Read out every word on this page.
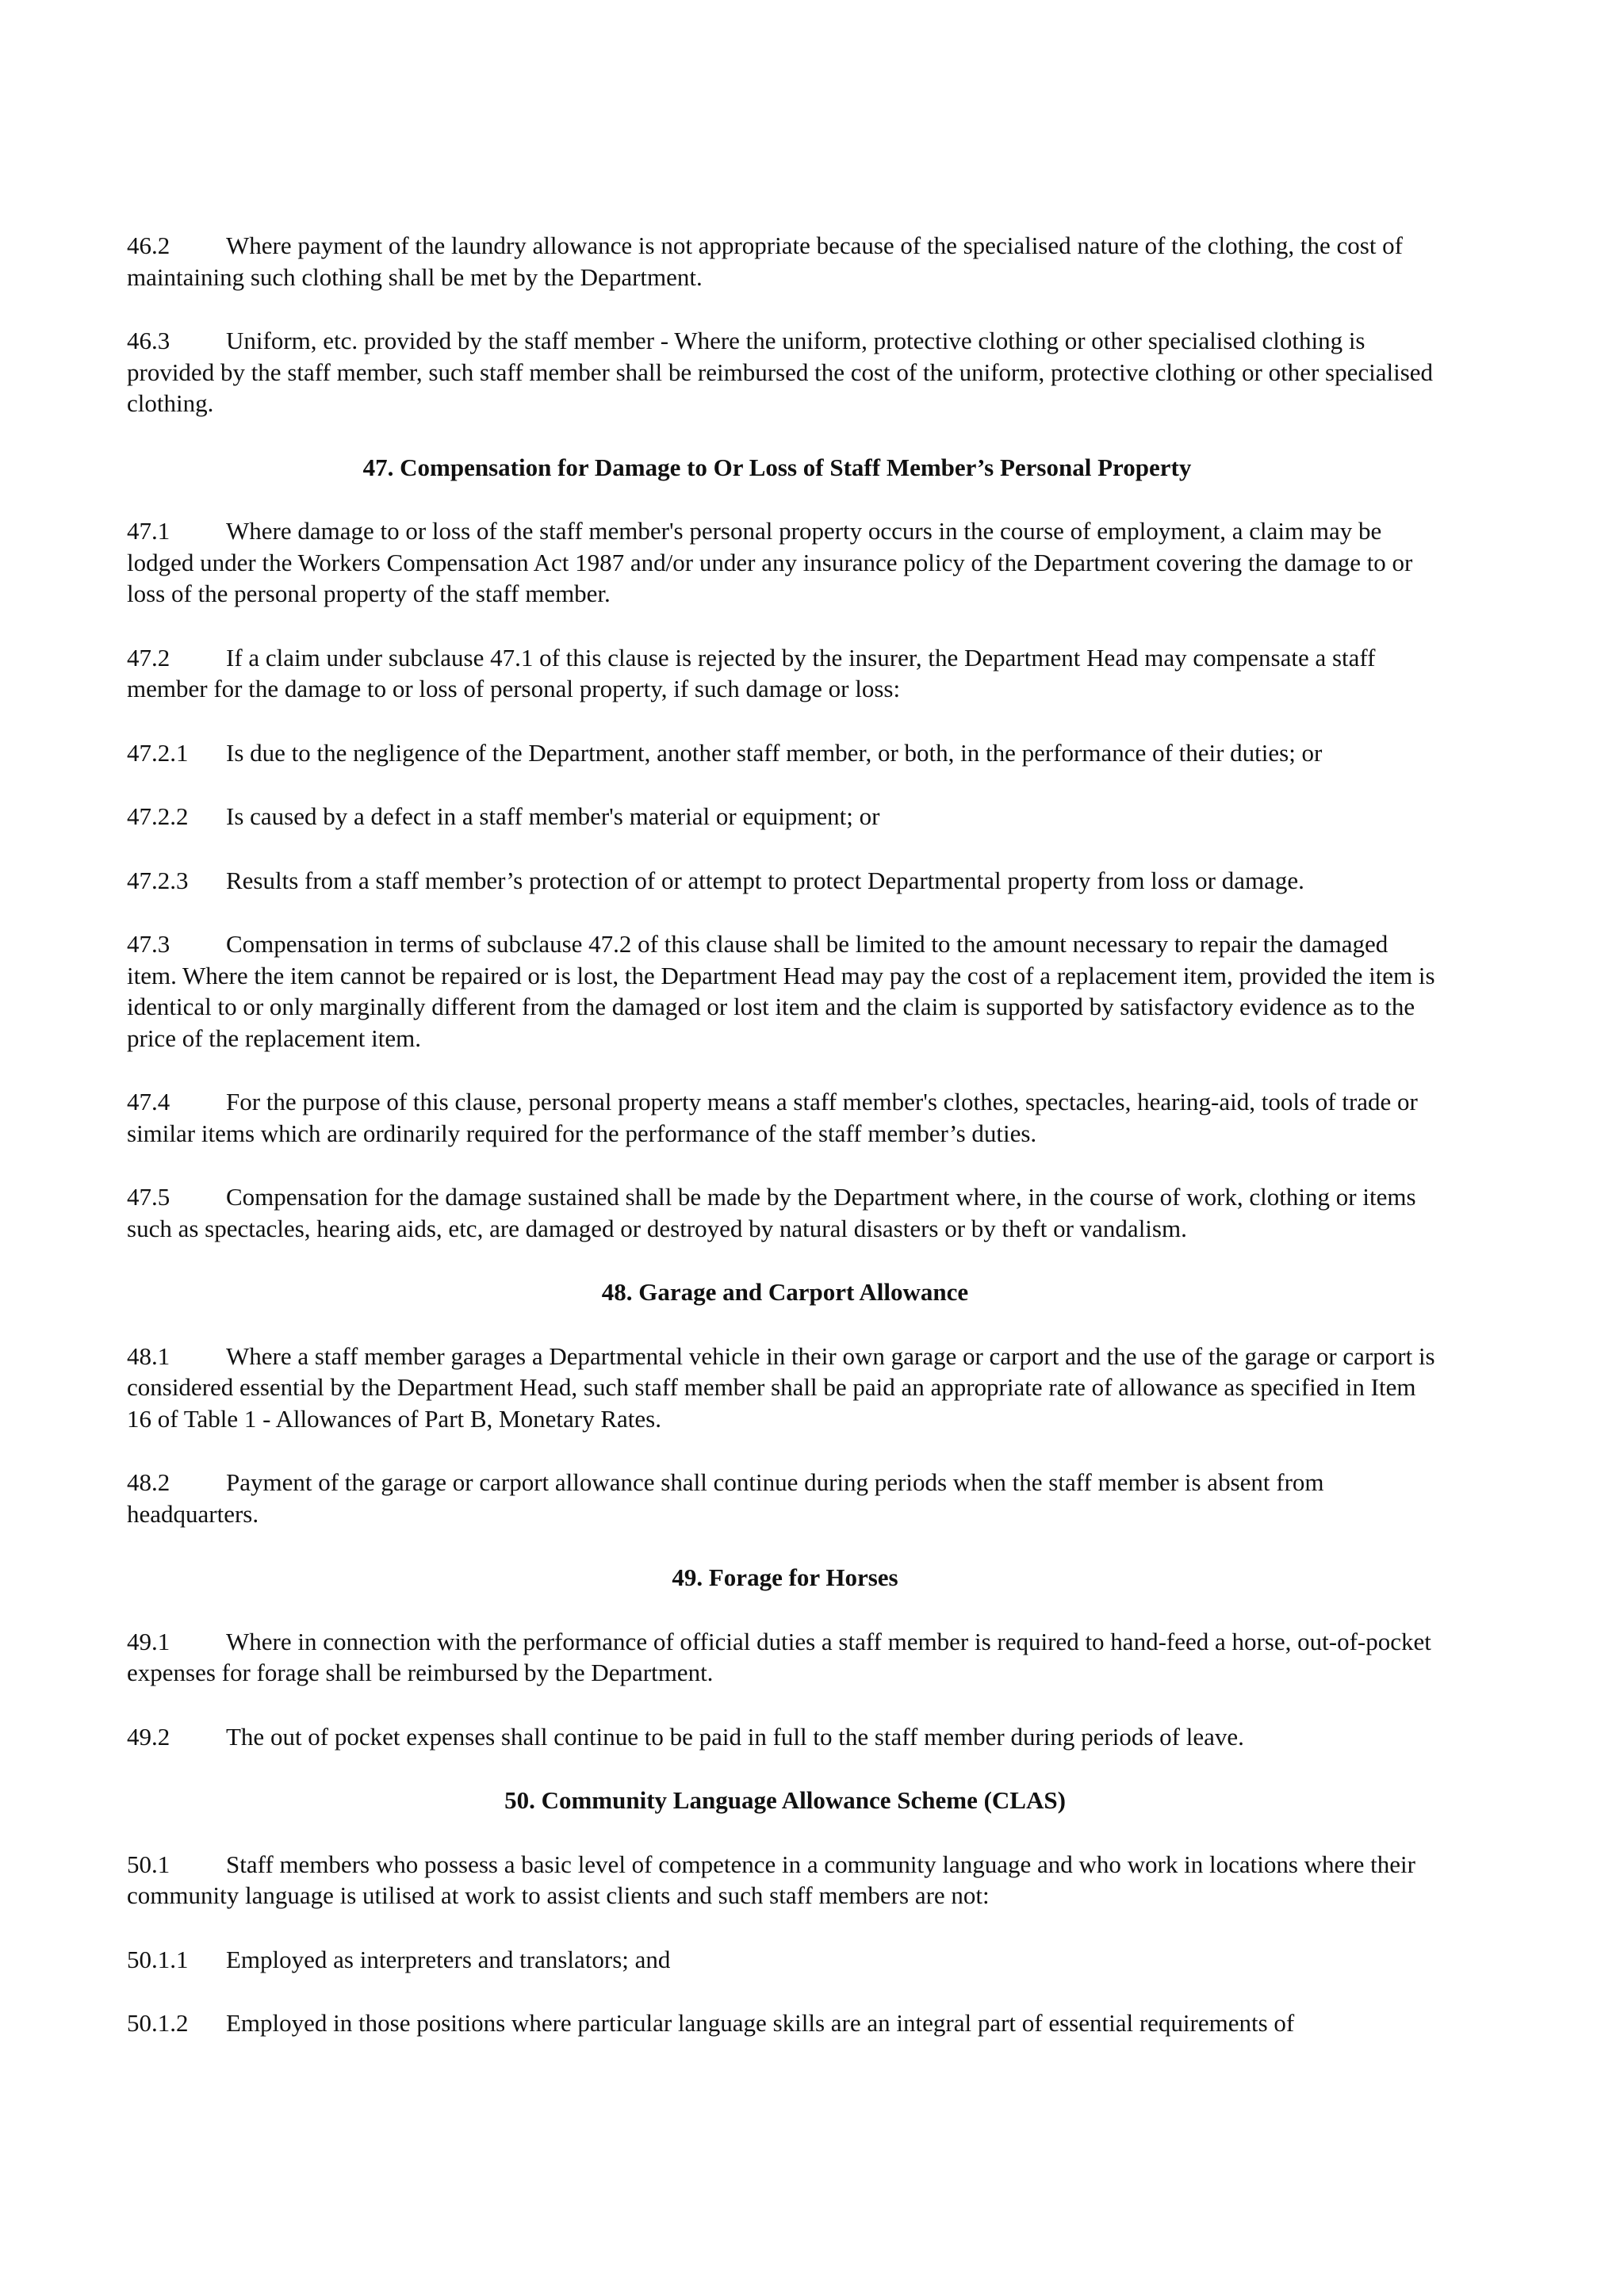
46.2 Where payment of the laundry allowance is not appropriate because of the specialised nature of the clothing, the cost of maintaining such clothing shall be met by the Department.

46.3 Uniform, etc. provided by the staff member - Where the uniform, protective clothing or other specialised clothing is provided by the staff member, such staff member shall be reimbursed the cost of the uniform, protective clothing or other specialised clothing.

47. Compensation for Damage to Or Loss of Staff Member’s Personal Property

47.1 Where damage to or loss of the staff member's personal property occurs in the course of employment, a claim may be lodged under the Workers Compensation Act 1987 and/or under any insurance policy of the Department covering the damage to or loss of the personal property of the staff member.

47.2 If a claim under subclause 47.1 of this clause is rejected by the insurer, the Department Head may compensate a staff member for the damage to or loss of personal property, if such damage or loss:

47.2.1 Is due to the negligence of the Department, another staff member, or both, in the performance of their duties; or

47.2.2 Is caused by a defect in a staff member's material or equipment; or

47.2.3 Results from a staff member’s protection of or attempt to protect Departmental property from loss or damage.

47.3 Compensation in terms of subclause 47.2 of this clause shall be limited to the amount necessary to repair the damaged item. Where the item cannot be repaired or is lost, the Department Head may pay the cost of a replacement item, provided the item is identical to or only marginally different from the damaged or lost item and the claim is supported by satisfactory evidence as to the price of the replacement item.

47.4 For the purpose of this clause, personal property means a staff member's clothes, spectacles, hearing-aid, tools of trade or similar items which are ordinarily required for the performance of the staff member’s duties.

47.5 Compensation for the damage sustained shall be made by the Department where, in the course of work, clothing or items such as spectacles, hearing aids, etc, are damaged or destroyed by natural disasters or by theft or vandalism.

48. Garage and Carport Allowance

48.1 Where a staff member garages a Departmental vehicle in their own garage or carport and the use of the garage or carport is considered essential by the Department Head, such staff member shall be paid an appropriate rate of allowance as specified in Item 16 of Table 1 - Allowances of Part B, Monetary Rates.

48.2 Payment of the garage or carport allowance shall continue during periods when the staff member is absent from headquarters.

49. Forage for Horses

49.1 Where in connection with the performance of official duties a staff member is required to hand-feed a horse, out-of-pocket expenses for forage shall be reimbursed by the Department.

49.2 The out of pocket expenses shall continue to be paid in full to the staff member during periods of leave.

50. Community Language Allowance Scheme (CLAS)

50.1 Staff members who possess a basic level of competence in a community language and who work in locations where their community language is utilised at work to assist clients and such staff members are not:

50.1.1 Employed as interpreters and translators; and

50.1.2 Employed in those positions where particular language skills are an integral part of essential requirements of
